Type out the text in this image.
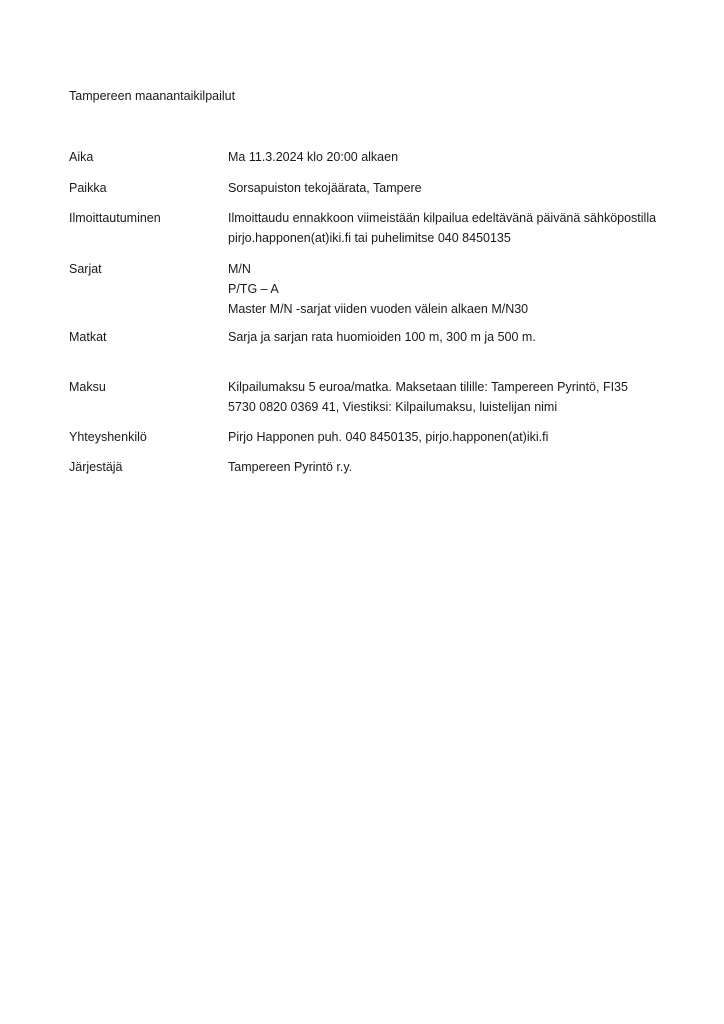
Tampereen maanantaikilpailut
Aika	Ma 11.3.2024 klo 20:00 alkaen
Paikka	Sorsapuiston tekojäärata, Tampere
Ilmoittautuminen	Ilmoittaudu ennakkoon viimeistään kilpailua edeltävänä päivänä sähköpostilla
pirjo.happonen(at)iki.fi tai puhelimitse 040 8450135
Sarjat	M/N
P/TG – A
Master M/N -sarjat viiden vuoden välein alkaen M/N30
Matkat	Sarja ja sarjan rata huomioiden 100 m, 300 m ja 500 m.
Maksu	Kilpailumaksu 5 euroa/matka. Maksetaan tilille: Tampereen Pyrintö, FI35
5730 0820 0369 41, Viestiksi: Kilpailumaksu, luistelijan nimi
Yhteyshenkilö	Pirjo Happonen puh. 040 8450135, pirjo.happonen(at)iki.fi
Järjestäjä	Tampereen Pyrintö r.y.
